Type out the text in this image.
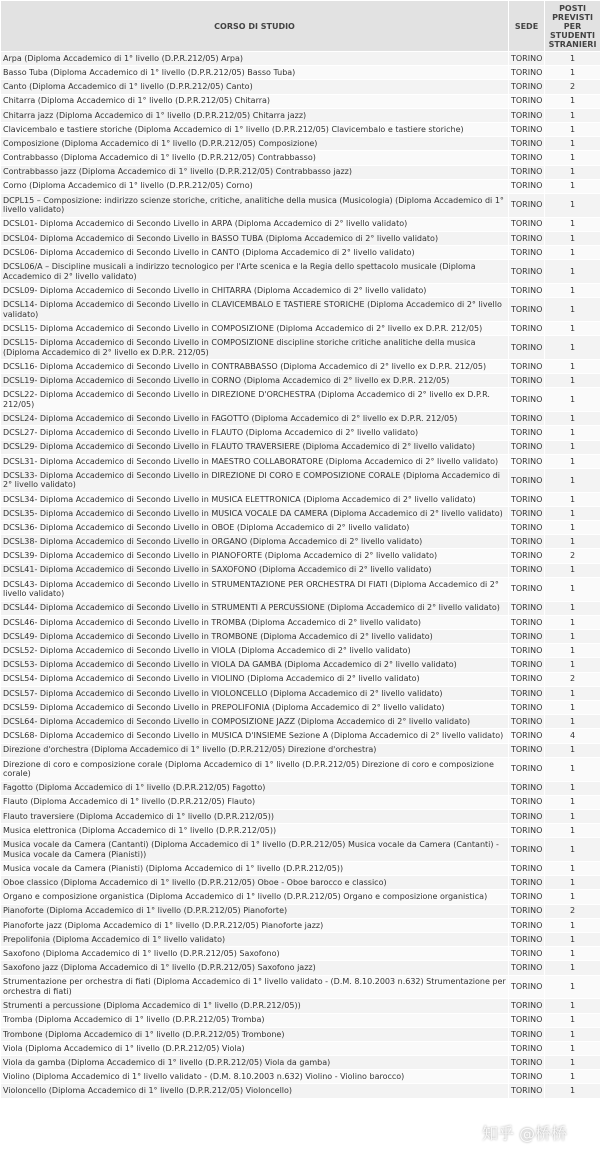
CORSO DI STUDIO	SEDE	POSTI PREVISTI PER STUDENTI STRANIERI
Arpa (Diploma Accademico di 1° livello (D.P.R.212/05) Arpa)	TORINO	1
Basso Tuba (Diploma Accademico di 1° livello (D.P.R.212/05) Basso Tuba)	TORINO	1
Canto (Diploma Accademico di 1° livello (D.P.R.212/05) Canto)	TORINO	2
Chitarra (Diploma Accademico di 1° livello (D.P.R.212/05) Chitarra)	TORINO	1
Chitarra jazz (Diploma Accademico di 1° livello (D.P.R.212/05) Chitarra jazz)	TORINO	1
Clavicembalo e tastiere storiche (Diploma Accademico di 1° livello (D.P.R.212/05) Clavicembalo e tastiere storiche)	TORINO	1
Composizione (Diploma Accademico di 1° livello (D.P.R.212/05) Composizione)	TORINO	1
Contrabbasso (Diploma Accademico di 1° livello (D.P.R.212/05) Contrabbasso)	TORINO	1
Contrabbasso jazz (Diploma Accademico di 1° livello (D.P.R.212/05) Contrabbasso jazz)	TORINO	1
Corno (Diploma Accademico di 1° livello (D.P.R.212/05) Corno)	TORINO	1
DCPL15 – Composizione: indirizzo scienze storiche, critiche, analitiche della musica (Musicologia) (Diploma Accademico di 1° livello validato)	TORINO	1
DCSL01- Diploma Accademico di Secondo Livello in ARPA (Diploma Accademico di 2° livello validato)	TORINO	1
DCSL04- Diploma Accademico di Secondo Livello in BASSO TUBA (Diploma Accademico di 2° livello validato)	TORINO	1
DCSL06- Diploma Accademico di Secondo Livello in CANTO (Diploma Accademico di 2° livello validato)	TORINO	1
DCSL06/A – Discipline musicali a indirizzo tecnologico per l'Arte scenica e la Regia dello spettacolo musicale (Diploma Accademico di 2° livello validato)	TORINO	1
DCSL09- Diploma Accademico di Secondo Livello in CHITARRA (Diploma Accademico di 2° livello validato)	TORINO	1
DCSL14- Diploma Accademico di Secondo Livello in CLAVICEMBALO E TASTIERE STORICHE (Diploma Accademico di 2° livello validato)	TORINO	1
DCSL15- Diploma Accademico di Secondo Livello in COMPOSIZIONE (Diploma Accademico di 2° livello ex D.P.R. 212/05)	TORINO	1
DCSL15- Diploma Accademico di Secondo Livello in COMPOSIZIONE discipline storiche critiche analitiche della musica (Diploma Accademico di 2° livello ex D.P.R. 212/05)	TORINO	1
DCSL16- Diploma Accademico di Secondo Livello in CONTRABBASSO (Diploma Accademico di 2° livello ex D.P.R. 212/05)	TORINO	1
DCSL19- Diploma Accademico di Secondo Livello in CORNO (Diploma Accademico di 2° livello ex D.P.R. 212/05)	TORINO	1
DCSL22- Diploma Accademico di Secondo Livello in DIREZIONE D'ORCHESTRA (Diploma Accademico di 2° livello ex D.P.R. 212/05)	TORINO	1
DCSL24- Diploma Accademico di Secondo Livello in FAGOTTO (Diploma Accademico di 2° livello ex D.P.R. 212/05)	TORINO	1
DCSL27- Diploma Accademico di Secondo Livello in FLAUTO (Diploma Accademico di 2° livello validato)	TORINO	1
DCSL29- Diploma Accademico di Secondo Livello in FLAUTO TRAVERSIERE (Diploma Accademico di 2° livello validato)	TORINO	1
DCSL31- Diploma Accademico di Secondo Livello in MAESTRO COLLABORATORE (Diploma Accademico di 2° livello validato)	TORINO	1
DCSL33- Diploma Accademico di Secondo Livello in DIREZIONE DI CORO E COMPOSIZIONE CORALE (Diploma Accademico di 2° livello validato)	TORINO	1
DCSL34- Diploma Accademico di Secondo Livello in MUSICA ELETTRONICA (Diploma Accademico di 2° livello validato)	TORINO	1
DCSL35- Diploma Accademico di Secondo Livello in MUSICA VOCALE DA CAMERA (Diploma Accademico di 2° livello validato)	TORINO	1
DCSL36- Diploma Accademico di Secondo Livello in OBOE (Diploma Accademico di 2° livello validato)	TORINO	1
DCSL38- Diploma Accademico di Secondo Livello in ORGANO (Diploma Accademico di 2° livello validato)	TORINO	1
DCSL39- Diploma Accademico di Secondo Livello in PIANOFORTE (Diploma Accademico di 2° livello validato)	TORINO	2
DCSL41- Diploma Accademico di Secondo Livello in SAXOFONO (Diploma Accademico di 2° livello validato)	TORINO	1
DCSL43- Diploma Accademico di Secondo Livello in STRUMENTAZIONE PER ORCHESTRA DI FIATI (Diploma Accademico di 2° livello validato)	TORINO	1
DCSL44- Diploma Accademico di Secondo Livello in STRUMENTI A PERCUSSIONE (Diploma Accademico di 2° livello validato)	TORINO	1
DCSL46- Diploma Accademico di Secondo Livello in TROMBA (Diploma Accademico di 2° livello validato)	TORINO	1
DCSL49- Diploma Accademico di Secondo Livello in TROMBONE (Diploma Accademico di 2° livello validato)	TORINO	1
DCSL52- Diploma Accademico di Secondo Livello in VIOLA (Diploma Accademico di 2° livello validato)	TORINO	1
DCSL53- Diploma Accademico di Secondo Livello in VIOLA DA GAMBA (Diploma Accademico di 2° livello validato)	TORINO	1
DCSL54- Diploma Accademico di Secondo Livello in VIOLINO (Diploma Accademico di 2° livello validato)	TORINO	2
DCSL57- Diploma Accademico di Secondo Livello in VIOLONCELLO (Diploma Accademico di 2° livello validato)	TORINO	1
DCSL59- Diploma Accademico di Secondo Livello in PREPOLIFONIA (Diploma Accademico di 2° livello validato)	TORINO	1
DCSL64- Diploma Accademico di Secondo Livello in COMPOSIZIONE JAZZ (Diploma Accademico di 2° livello validato)	TORINO	1
DCSL68- Diploma Accademico di Secondo Livello in MUSICA D'INSIEME Sezione A (Diploma Accademico di 2° livello validato)	TORINO	4
Direzione d'orchestra (Diploma Accademico di 1° livello (D.P.R.212/05) Direzione d'orchestra)	TORINO	1
Direzione di coro e composizione corale (Diploma Accademico di 1° livello (D.P.R.212/05) Direzione di coro e composizione corale)	TORINO	1
Fagotto (Diploma Accademico di 1° livello (D.P.R.212/05) Fagotto)	TORINO	1
Flauto (Diploma Accademico di 1° livello (D.P.R.212/05) Flauto)	TORINO	1
Flauto traversiere (Diploma Accademico di 1° livello (D.P.R.212/05))	TORINO	1
Musica elettronica (Diploma Accademico di 1° livello (D.P.R.212/05))	TORINO	1
Musica vocale da Camera (Cantanti) (Diploma Accademico di 1° livello (D.P.R.212/05) Musica vocale da Camera (Cantanti) - Musica vocale da Camera (Pianisti))	TORINO	1
Musica vocale da Camera (Pianisti) (Diploma Accademico di 1° livello (D.P.R.212/05))	TORINO	1
Oboe classico (Diploma Accademico di 1° livello (D.P.R.212/05) Oboe - Oboe barocco e classico)	TORINO	1
Organo e composizione organistica (Diploma Accademico di 1° livello (D.P.R.212/05) Organo e composizione organistica)	TORINO	1
Pianoforte (Diploma Accademico di 1° livello (D.P.R.212/05) Pianoforte)	TORINO	2
Pianoforte jazz (Diploma Accademico di 1° livello (D.P.R.212/05) Pianoforte jazz)	TORINO	1
Prepolifonia (Diploma Accademico di 1° livello validato)	TORINO	1
Saxofono (Diploma Accademico di 1° livello (D.P.R.212/05) Saxofono)	TORINO	1
Saxofono jazz (Diploma Accademico di 1° livello (D.P.R.212/05) Saxofono jazz)	TORINO	1
Strumentazione per orchestra di fiati (Diploma Accademico di 1° livello validato - (D.M. 8.10.2003 n.632) Strumentazione per orchestra di fiati)	TORINO	1
Strumenti a percussione (Diploma Accademico di 1° livello (D.P.R.212/05))	TORINO	1
Tromba (Diploma Accademico di 1° livello (D.P.R.212/05) Tromba)	TORINO	1
Trombone (Diploma Accademico di 1° livello (D.P.R.212/05) Trombone)	TORINO	1
Viola (Diploma Accademico di 1° livello (D.P.R.212/05) Viola)	TORINO	1
Viola da gamba (Diploma Accademico di 1° livello (D.P.R.212/05) Viola da gamba)	TORINO	1
Violino (Diploma Accademico di 1° livello validato - (D.M. 8.10.2003 n.632) Violino - Violino barocco)	TORINO	1
Violoncello (Diploma Accademico di 1° livello (D.P.R.212/05) Violoncello)	TORINO	1
知乎 @桥桥
